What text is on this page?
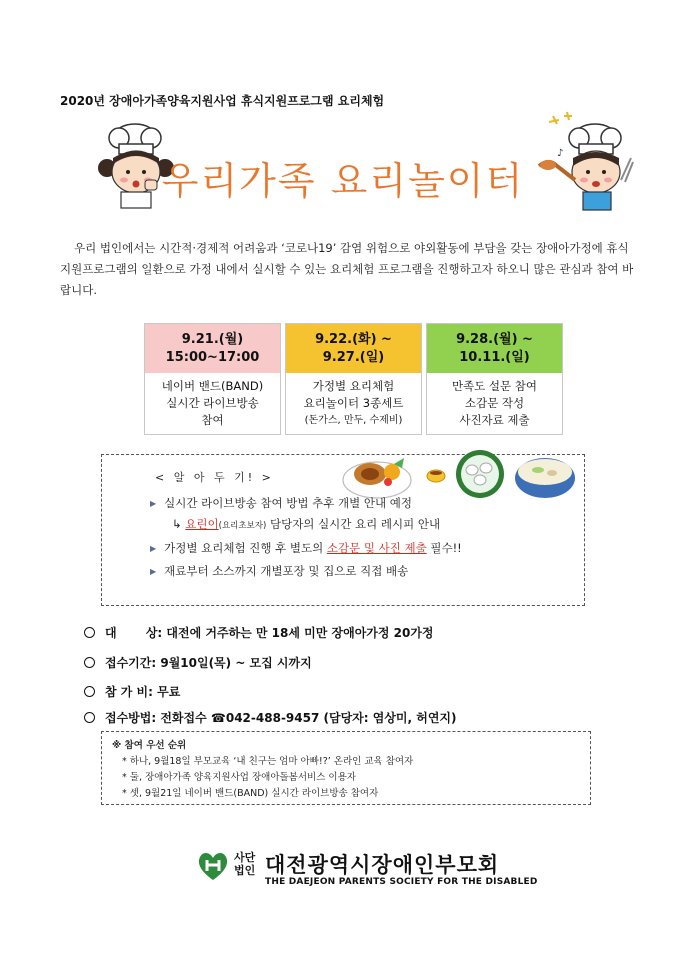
2020년 장애아가족양육지원사업 휴식지원프로그램 요리체험
우리가족 요리놀이터
♪
우리 법인에서는 시간적·경제적 어려움과 ‘코로나19’ 감염 위험으로 야외활동에 부담을 갖는 장애아가정에 휴식지원프로그램의 일환으로 가정 내에서 실시할 수 있는 요리체험 프로그램을 진행하고자 하오니 많은 관심과 참여 바랍니다.
9.21.(월)
15:00~17:00
네이버 밴드(BAND)
실시간 라이브방송
참여
9.22.(화) ~
9.27.(일)
가정별 요리체험
요리놀이터 3종세트
(돈가스, 만두, 수제비)
9.28.(월) ~
10.11.(일)
만족도 설문 참여
소감문 작성
사진자료 제출
< 알 아 두 기! >
▶ 실시간 라이브방송 참여 방법 추후 개별 안내 예정
↳ 요린이(요리초보자) 담당자의 실시간 요리 레시피 안내
▶ 가정별 요리체험 진행 후 별도의 소감문 및 사진 제출 필수!!
▶ 재료부터 소스까지 개별포장 및 집으로 직접 배송
대       상: 대전에 거주하는 만 18세 미만 장애아가정 20가정
접수기간: 9월10일(목) ~ 모집 시까지
참 가 비: 무료
접수방법: 전화접수 ☎042-488-9457 (담당자: 염상미, 허연지)
※ 참여 우선 순위
* 하나, 9월18일 부모교육 ‘내 친구는 엄마 아빠!?’ 온라인 교육 참여자
* 둘, 장애아가족 양육지원사업 장애아돌봄서비스 이용자
* 셋, 9월21일 네이버 밴드(BAND) 실시간 라이브방송 참여자
사단
법인 대전광역시장애인부모회
THE DAEJEON PARENTS SOCIETY FOR THE DISABLED
